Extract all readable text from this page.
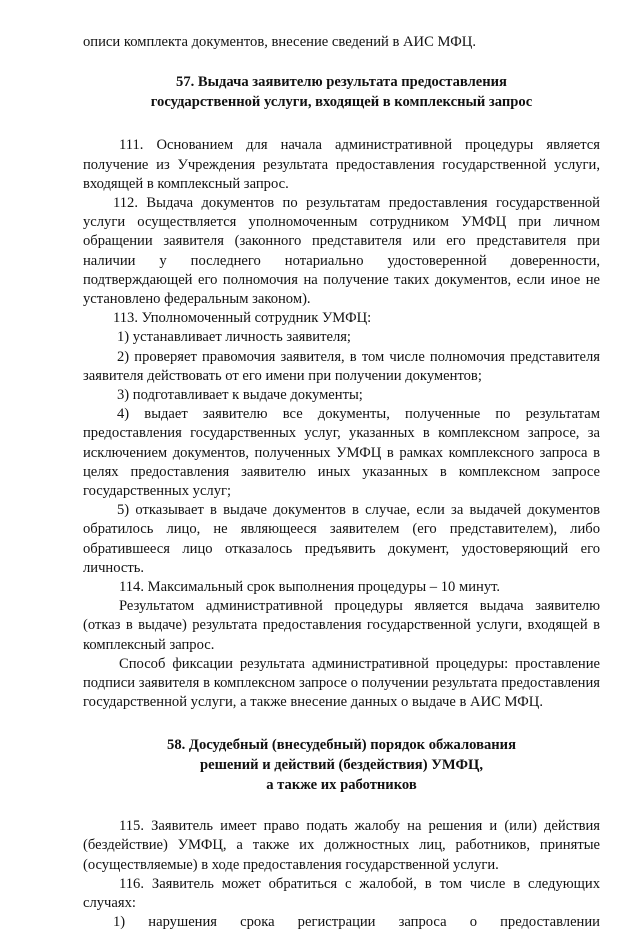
описи комплекта документов, внесение сведений в АИС МФЦ.

57. Выдача заявителю результата предоставления
государственной услуги, входящей в комплексный запрос

111. Основанием для начала административной процедуры является получение из Учреждения результата предоставления государственной услуги, входящей в комплексный запрос.

112. Выдача документов по результатам предоставления государственной услуги осуществляется уполномоченным сотрудником УМФЦ при личном обращении заявителя (законного представителя или его представителя при наличии у последнего нотариально удостоверенной доверенности, подтверждающей его полномочия на получение таких документов, если иное не установлено федеральным законом).

113. Уполномоченный сотрудник УМФЦ:

1) устанавливает личность заявителя;

2) проверяет правомочия заявителя, в том числе полномочия представителя заявителя действовать от его имени при получении документов;

3) подготавливает к выдаче документы;

4) выдает заявителю все документы, полученные по результатам предоставления государственных услуг, указанных в комплексном запросе, за исключением документов, полученных УМФЦ в рамках комплексного запроса в целях предоставления заявителю иных указанных в комплексном запросе государственных услуг;

5) отказывает в выдаче документов в случае, если за выдачей документов обратилось лицо, не являющееся заявителем (его представителем), либо обратившееся лицо отказалось предъявить документ, удостоверяющий его личность.

114. Максимальный срок выполнения процедуры – 10 минут.

Результатом административной процедуры является выдача заявителю (отказ в выдаче) результата предоставления государственной услуги, входящей в комплексный запрос.

Способ фиксации результата административной процедуры: проставление подписи заявителя в комплексном запросе о получении результата предоставления государственной услуги, а также внесение данных о выдаче в АИС МФЦ.

58. Досудебный (внесудебный) порядок обжалования
решений и действий (бездействия) УМФЦ,
а также их работников

115. Заявитель имеет право подать жалобу на решения и (или) действия (бездействие) УМФЦ, а также их должностных лиц, работников, принятые (осуществляемые) в ходе предоставления государственной услуги.

116. Заявитель может обратиться с жалобой, в том числе в следующих случаях:

1) нарушения срока регистрации запроса о предоставлении
